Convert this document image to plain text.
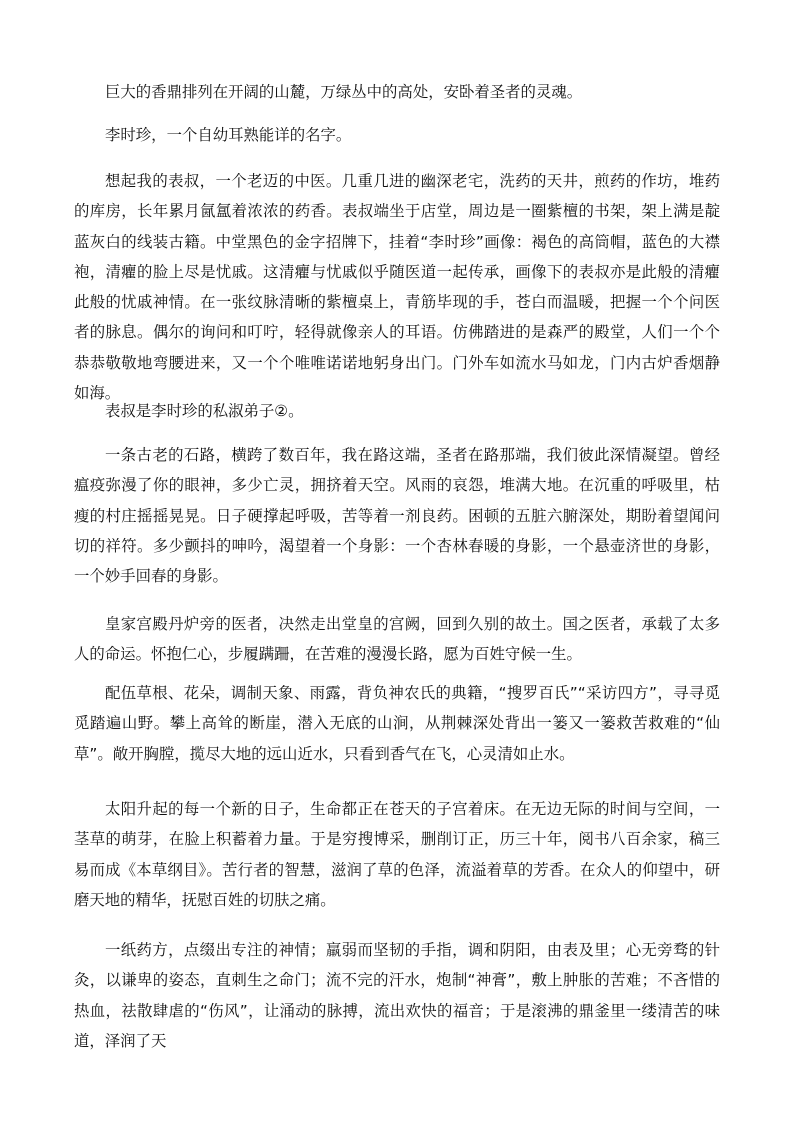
巨大的香鼎排列在开阔的山麓，万绿丛中的高处，安卧着圣者的灵魂。

李时珍，一个自幼耳熟能详的名字。

想起我的表叔，一个老迈的中医。几重几进的幽深老宅，洗药的天井，煎药的作坊，堆药的库房，长年累月氤氲着浓浓的药香。表叔端坐于店堂，周边是一圈紫檀的书架，架上满是靛蓝灰白的线装古籍。中堂黑色的金字招牌下，挂着“李时珍”画像：褐色的高筒帽，蓝色的大襟袍，清癯的脸上尽是忧戚。这清癯与忧戚似乎随医道一起传承，画像下的表叔亦是此般的清癯此般的忧戚神情。在一张纹脉清晰的紫檀桌上，青筋毕现的手，苍白而温暖，把握一个个问医者的脉息。偶尔的询问和叮咛，轻得就像亲人的耳语。仿佛踏进的是森严的殿堂，人们一个个恭恭敬敬地弯腰进来，又一个个唯唯诺诺地躬身出门。门外车如流水马如龙，门内古炉香烟静如海。

表叔是李时珍的私淑弟子②。

一条古老的石路，横跨了数百年，我在路这端，圣者在路那端，我们彼此深情凝望。曾经瘟疫弥漫了你的眼神，多少亡灵，拥挤着天空。风雨的哀怨，堆满大地。在沉重的呼吸里，枯瘦的村庄摇摇晃晃。日子硬撑起呼吸，苦等着一剂良药。困顿的五脏六腑深处，期盼着望闻问切的祥符。多少颤抖的呻吟，渴望着一个身影：一个杏林春暖的身影，一个悬壶济世的身影，一个妙手回春的身影。

皇家宫殿丹炉旁的医者，决然走出堂皇的宫阙，回到久别的故土。国之医者，承载了太多人的命运。怀抱仁心，步履蹒跚，在苦难的漫漫长路，愿为百姓守候一生。

配伍草根、花朵，调制天象、雨露，背负神农氏的典籍，“搜罗百氏”“采访四方”，寻寻觅觅踏遍山野。攀上高耸的断崖，潜入无底的山涧，从荆棘深处背出一篓又一篓救苦救难的“仙草”。敞开胸膛，揽尽大地的远山近水，只看到香气在飞，心灵清如止水。

太阳升起的每一个新的日子，生命都正在苍天的子宫着床。在无边无际的时间与空间，一茎草的萌芽，在脸上积蓄着力量。于是穷搜博采，删削订正，历三十年，阅书八百余家，稿三易而成《本草纲目》。苦行者的智慧，滋润了草的色泽，流溢着草的芳香。在众人的仰望中，研磨天地的精华，抚慰百姓的切肤之痛。

一纸药方，点缀出专注的神情；羸弱而坚韧的手指，调和阴阳，由表及里；心无旁骛的针灸，以谦卑的姿态，直刺生之命门；流不完的汗水，炮制“神膏”，敷上肿胀的苦难；不吝惜的热血，祛散肆虐的“伤风”，让涌动的脉搏，流出欢快的福音；于是滚沸的鼎釜里一缕清苦的味道，泽润了天
